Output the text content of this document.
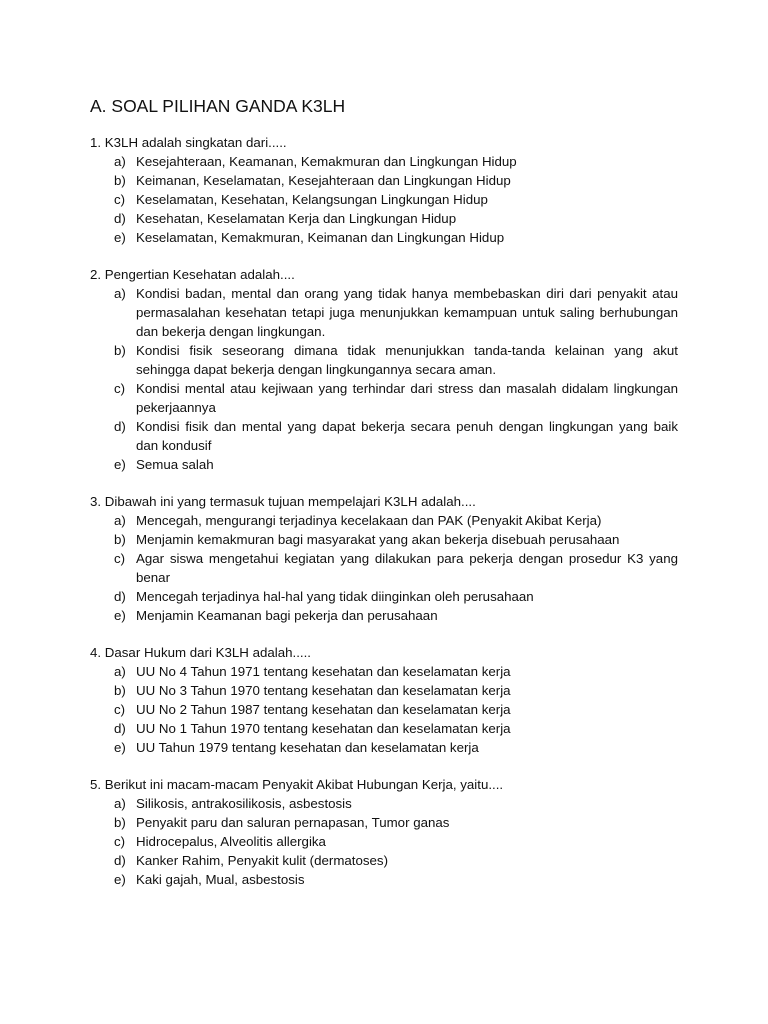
A. SOAL PILIHAN GANDA K3LH

1. K3LH adalah singkatan dari.....

a) Kesejahteraan, Keamanan, Kemakmuran dan Lingkungan Hidup
b) Keimanan, Keselamatan, Kesejahteraan dan Lingkungan Hidup
c) Keselamatan, Kesehatan, Kelangsungan Lingkungan Hidup
d) Kesehatan, Keselamatan Kerja dan Lingkungan Hidup
e) Keselamatan, Kemakmuran, Keimanan dan Lingkungan Hidup

2. Pengertian Kesehatan adalah....

a) Kondisi badan, mental dan orang yang tidak hanya membebaskan diri dari penyakit atau permasalahan kesehatan tetapi juga menunjukkan kemampuan untuk saling berhubungan dan bekerja dengan lingkungan.
b) Kondisi fisik seseorang dimana tidak menunjukkan tanda-tanda kelainan yang akut sehingga dapat bekerja dengan lingkungannya secara aman.
c) Kondisi mental atau kejiwaan yang terhindar dari stress dan masalah didalam lingkungan pekerjaannya
d) Kondisi fisik dan mental yang dapat bekerja secara penuh dengan lingkungan yang baik dan kondusif
e) Semua salah

3. Dibawah ini yang termasuk tujuan mempelajari K3LH adalah....

a) Mencegah, mengurangi terjadinya kecelakaan dan PAK (Penyakit Akibat Kerja)
b) Menjamin kemakmuran bagi masyarakat yang akan bekerja disebuah perusahaan
c) Agar siswa mengetahui kegiatan yang dilakukan para pekerja dengan prosedur K3 yang benar
d) Mencegah terjadinya hal-hal yang tidak diinginkan oleh perusahaan
e) Menjamin Keamanan bagi pekerja dan perusahaan

4. Dasar Hukum dari K3LH adalah.....

a) UU No 4 Tahun 1971 tentang kesehatan dan keselamatan kerja
b) UU No 3 Tahun 1970 tentang kesehatan dan keselamatan kerja
c) UU No 2 Tahun 1987 tentang kesehatan dan keselamatan kerja
d) UU No 1 Tahun 1970 tentang kesehatan dan keselamatan kerja
e) UU Tahun 1979 tentang kesehatan dan keselamatan kerja

5. Berikut ini macam-macam Penyakit Akibat Hubungan Kerja, yaitu....

a) Silikosis, antrakosilikosis, asbestosis
b) Penyakit paru dan saluran pernapasan, Tumor ganas
c) Hidrocepalus, Alveolitis allergika
d) Kanker Rahim, Penyakit kulit (dermatoses)
e) Kaki gajah, Mual, asbestosis
